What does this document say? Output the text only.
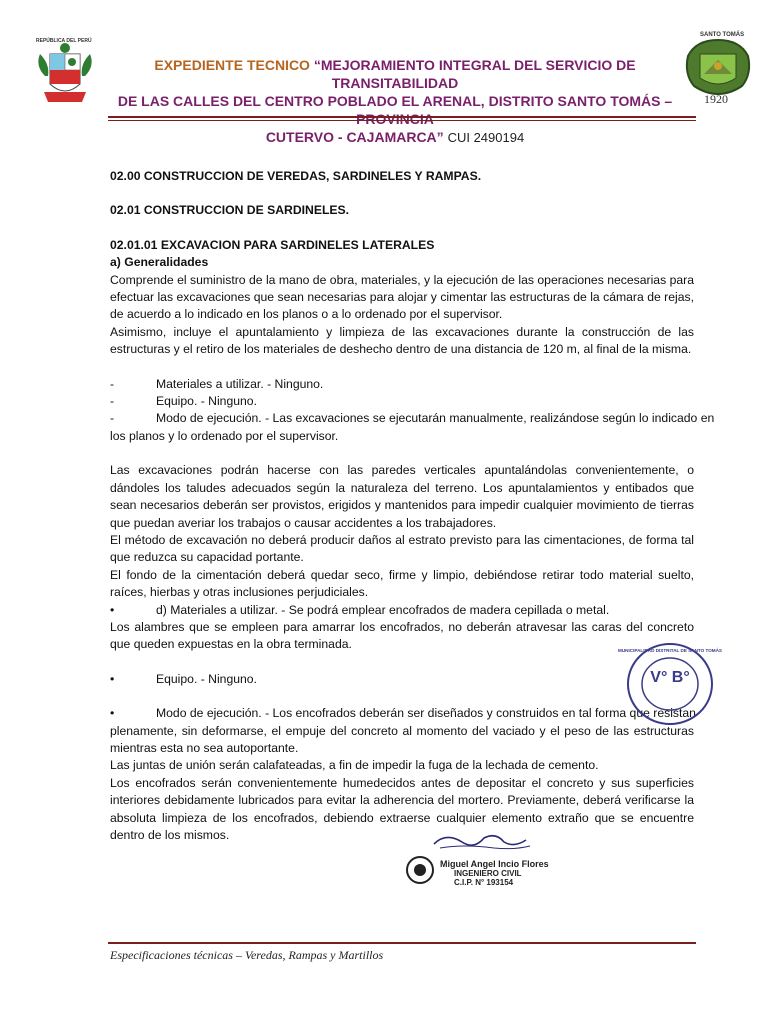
REPÚBLICA DEL PERÚ
EXPEDIENTE TECNICO “MEJORAMIENTO INTEGRAL DEL SERVICIO DE TRANSITABILIDAD
DE LAS CALLES DEL CENTRO POBLADO EL ARENAL, DISTRITO SANTO TOMÁS – PROVINCIA
CUTERVO - CAJAMARCA” CUI 2490194
SANTO TOMÁS
1920

02.00 CONSTRUCCION DE VEREDAS, SARDINELES Y RAMPAS.

02.01 CONSTRUCCION DE SARDINELES.

02.01.01 EXCAVACION PARA SARDINELES LATERALES

a) Generalidades

Comprende el suministro de la mano de obra, materiales, y la ejecución de las operaciones necesarias para efectuar las excavaciones que sean necesarias para alojar y cimentar las estructuras de la cámara de rejas, de acuerdo a lo indicado en los planos o a lo ordenado por el supervisor.

Asimismo, incluye el apuntalamiento y limpieza de las excavaciones durante la construcción de las estructuras y el retiro de los materiales de deshecho dentro de una distancia de 120 m, al final de la misma.

-	Materiales a utilizar. - Ninguno.
-	Equipo. - Ninguno.
-	Modo de ejecución. - Las excavaciones se ejecutarán manualmente, realizándose según lo indicado en

los planos y lo ordenado por el supervisor.

Las excavaciones podrán hacerse con las paredes verticales apuntalándolas convenientemente, o dándoles los taludes adecuados según la naturaleza del terreno. Los apuntalamientos y entibados que sean necesarios deberán ser provistos, erigidos y mantenidos para impedir cualquier movimiento de tierras que puedan averiar los trabajos o causar accidentes a los trabajadores.

El método de excavación no deberá producir daños al estrato previsto para las cimentaciones, de forma tal que reduzca su capacidad portante.

El fondo de la cimentación deberá quedar seco, firme y limpio, debiéndose retirar todo material suelto, raíces, hierbas y otras inclusiones perjudiciales.

•	d) Materiales a utilizar. - Se podrá emplear encofrados de madera cepillada o metal.

Los alambres que se empleen para amarrar los encofrados, no deberán atravesar las caras del concreto que queden expuestas en la obra terminada.

•	Equipo. - Ninguno.
•	Modo de ejecución. - Los encofrados deberán ser diseñados y construidos en tal forma que resistan

plenamente, sin deformarse, el empuje del concreto al momento del vaciado y el peso de las estructuras mientras esta no sea autoportante.

Las juntas de unión serán calafateadas, a fin de impedir la fuga de la lechada de cemento.

Los encofrados serán convenientemente humedecidos antes de depositar el concreto y sus superficies interiores debidamente lubricados para evitar la adherencia del mortero. Previamente, deberá verificarse la absoluta limpieza de los encofrados, debiendo extraerse cualquier elemento extraño que se encuentre dentro de los mismos.

V° B°
MUNICIPALIDAD DISTRITAL DE SANTO TOMÁS
Miguel Angel Incio Flores
INGENIERO CIVIL
C.I.P. N° 193154
Especificaciones técnicas – Veredas, Rampas y Martillos
